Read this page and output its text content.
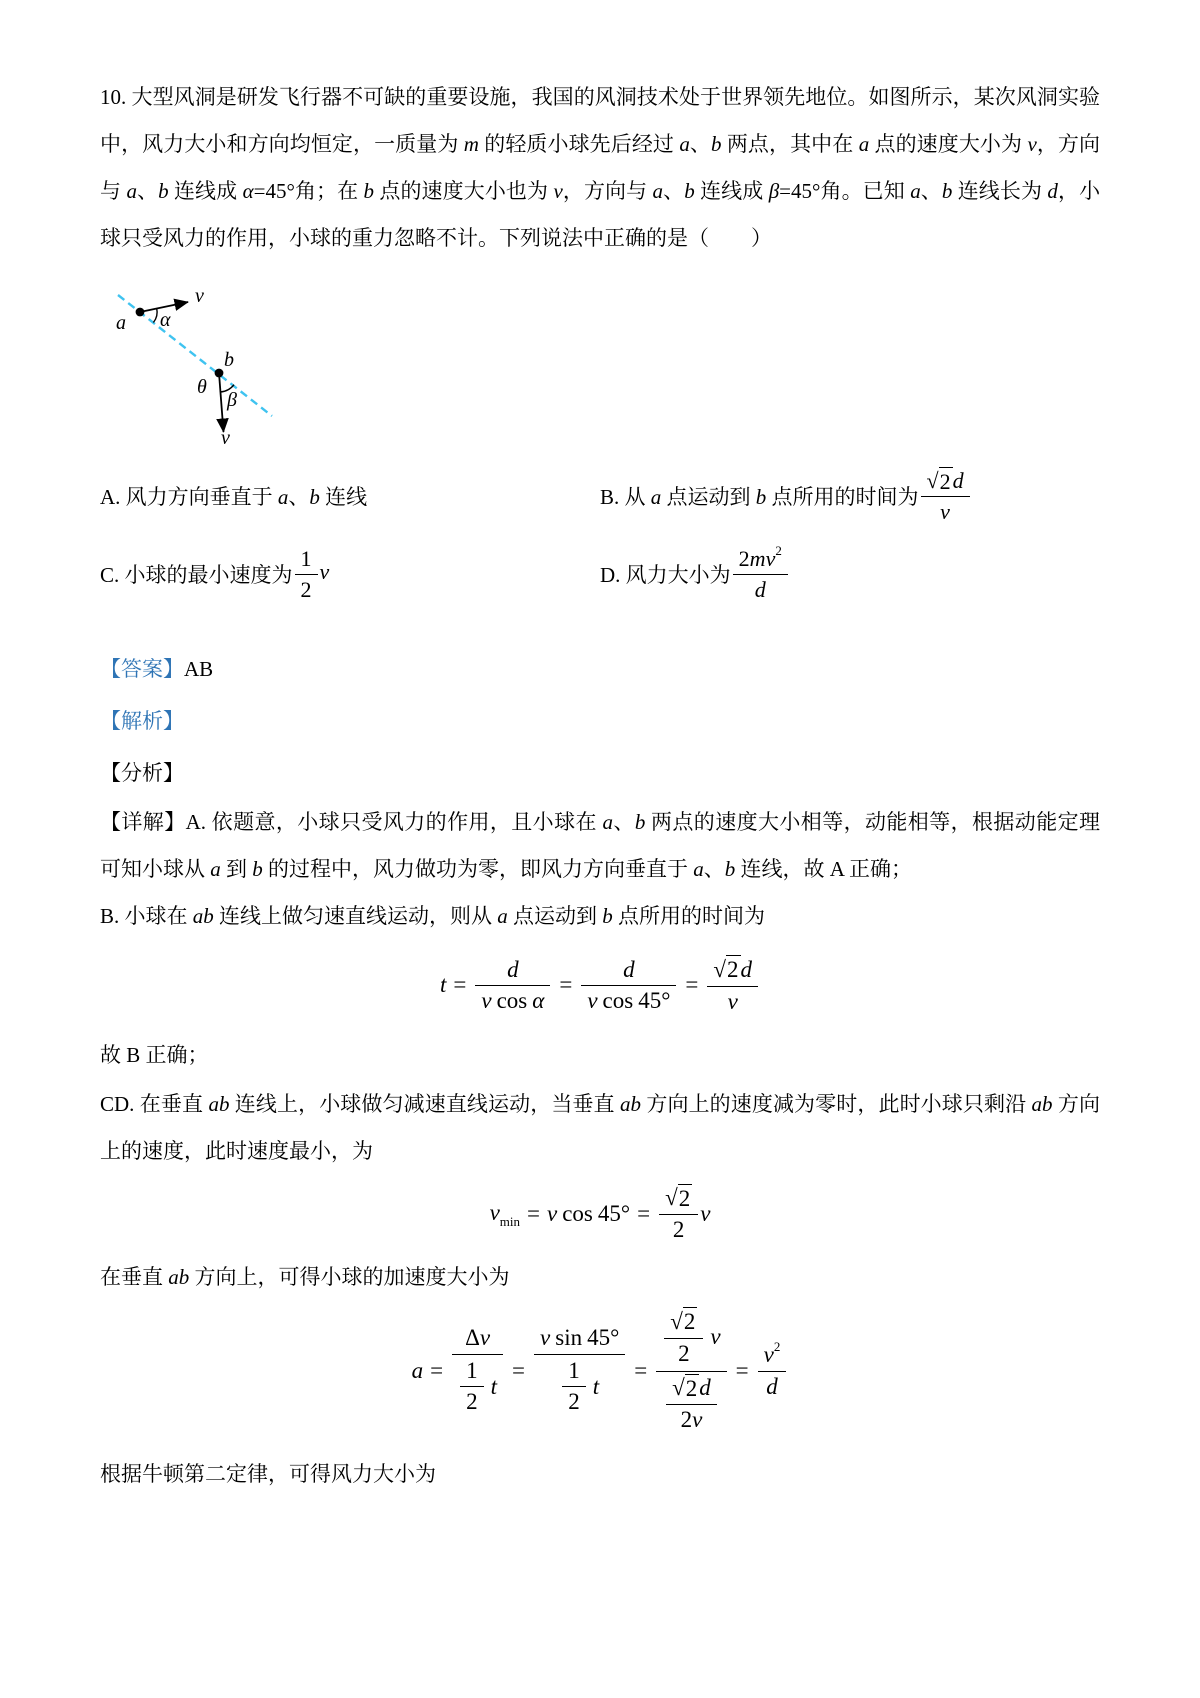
10. 大型风洞是研发飞行器不可缺的重要设施，我国的风洞技术处于世界领先地位。如图所示，某次风洞实验中，风力大小和方向均恒定，一质量为 m 的轻质小球先后经过 a、b 两点，其中在 a 点的速度大小为 v，方向与 a、b 连线成 α=45°角；在 b 点的速度大小也为 v，方向与 a、b 连线成 β=45°角。已知 a、b 连线长为 d，小球只受风力的作用，小球的重力忽略不计。下列说法中正确的是（　　）

a α
v
b
θ
β
v
A. 风力方向垂直于 a、b 连线	B. 从 a 点运动到 b 点所用的时间为 $\frac{√ 2 d}{v}$
C. 小球的最小速度为 $\frac{1}{2}$ v	D. 风力大小为 $\frac{2 m v^2}{d}$

【答案】AB

【解析】

【分析】

【详解】A. 依题意，小球只受风力的作用，且小球在 a、b 两点的速度大小相等，动能相等，根据动能定理可知小球从 a 到 b 的过程中，风力做功为零，即风力方向垂直于 a、b 连线，故 A 正确；

B. 小球在 ab 连线上做匀速直线运动，则从 a 点运动到 b 点所用的时间为

$t = \frac{d}{\text{v cos α}} = \frac{d}{\text{v cos 45°}} = \frac{√ 2 d}{v}$

故 B 正确；

CD. 在垂直 ab 连线上，小球做匀减速直线运动，当垂直 ab 方向上的速度减为零时，此时小球只剩沿 ab 方向上的速度，此时速度最小，为

$v_{min} = v$ $\cos 45^\circ = \frac{√ 2}{2}$ v

在垂直 ab 方向上，可得小球的加速度大小为

$a = \frac{\text{Δ v}}{\frac{1}{2} t} = \frac{\text{v sin 45°}}{\frac{1}{2} t} = \frac{\frac{√ 2}{2} v}{\frac{√ 2 d}{2 v}} = \frac{v^2}{d}$

根据牛顿第二定律，可得风力大小为
